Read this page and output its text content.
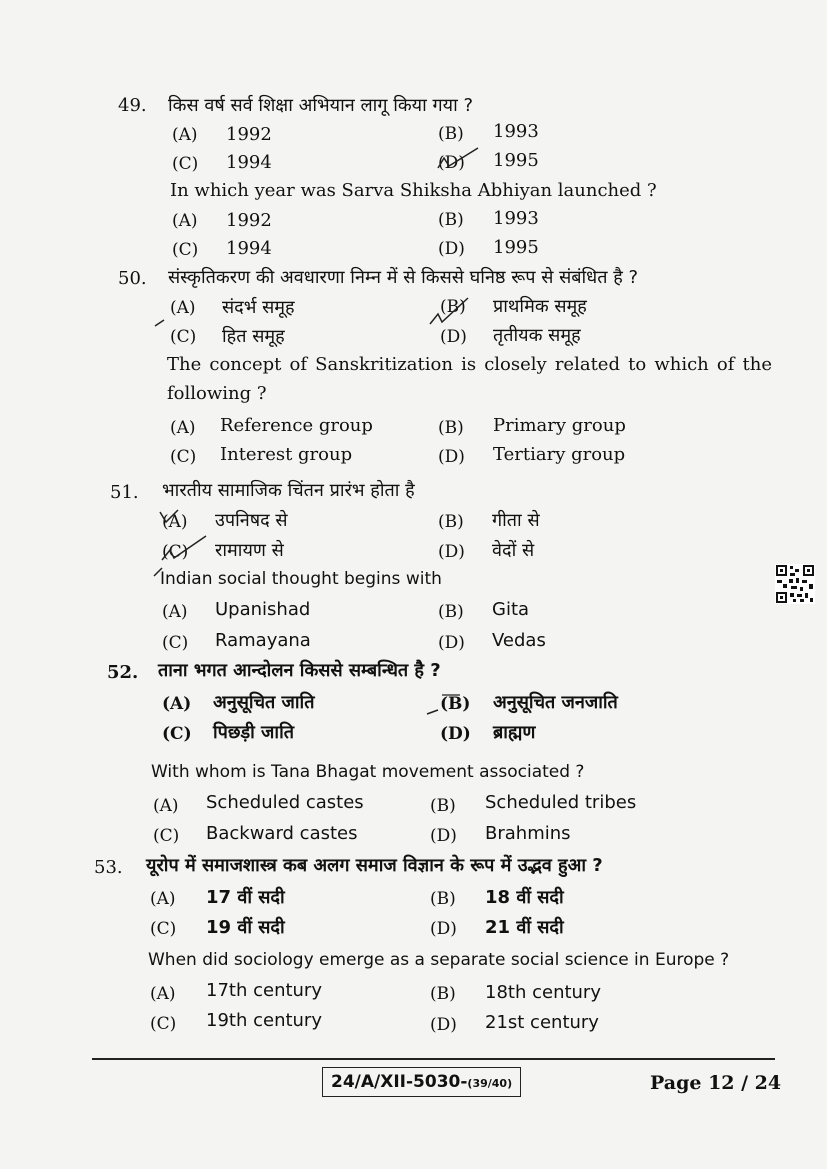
49. किस वर्ष सर्व शिक्षा अभियान लागू किया गया ?
(A) 1992	(B) 1993
(C) 1994	(D) 1995
In which year was Sarva Shiksha Abhiyan launched ?
(A) 1992	(B) 1993
(C) 1994	(D) 1995
50. संस्कृतिकरण की अवधारणा निम्न में से किससे घनिष्ठ रूप से संबंधित है ?
(A) संदर्भ समूह	(B) प्राथमिक समूह
(C) हित समूह	(D) तृतीयक समूह
The concept of Sanskritization is closely related to which of the following ?
(A) Reference group	(B) Primary group
(C) Interest group	(D) Tertiary group
51. भारतीय सामाजिक चिंतन प्रारंभ होता है
(A) उपनिषद से	(B) गीता से
(C) रामायण से	(D) वेदों से
Indian social thought begins with
(A) Upanishad	(B) Gita
(C) Ramayana	(D) Vedas
52. ताना भगत आन्दोलन किससे सम्बन्धित है ?
(A) अनुसूचित जाति	(B) अनुसूचित जनजाति
(C) पिछड़ी जाति	(D) ब्राह्मण
With whom is Tana Bhagat movement associated ?
(A) Scheduled castes	(B) Scheduled tribes
(C) Backward castes	(D) Brahmins
53. यूरोप में समाजशास्त्र कब अलग समाज विज्ञान के रूप में उद्भव हुआ ?
(A) 17 वीं सदी	(B) 18 वीं सदी
(C) 19 वीं सदी	(D) 21 वीं सदी
When did sociology emerge as a separate social science in Europe ?
(A) 17th century	(B) 18th century
(C) 19th century	(D) 21st century
24/A/XII-5030-(39/40)	Page 12 / 24
